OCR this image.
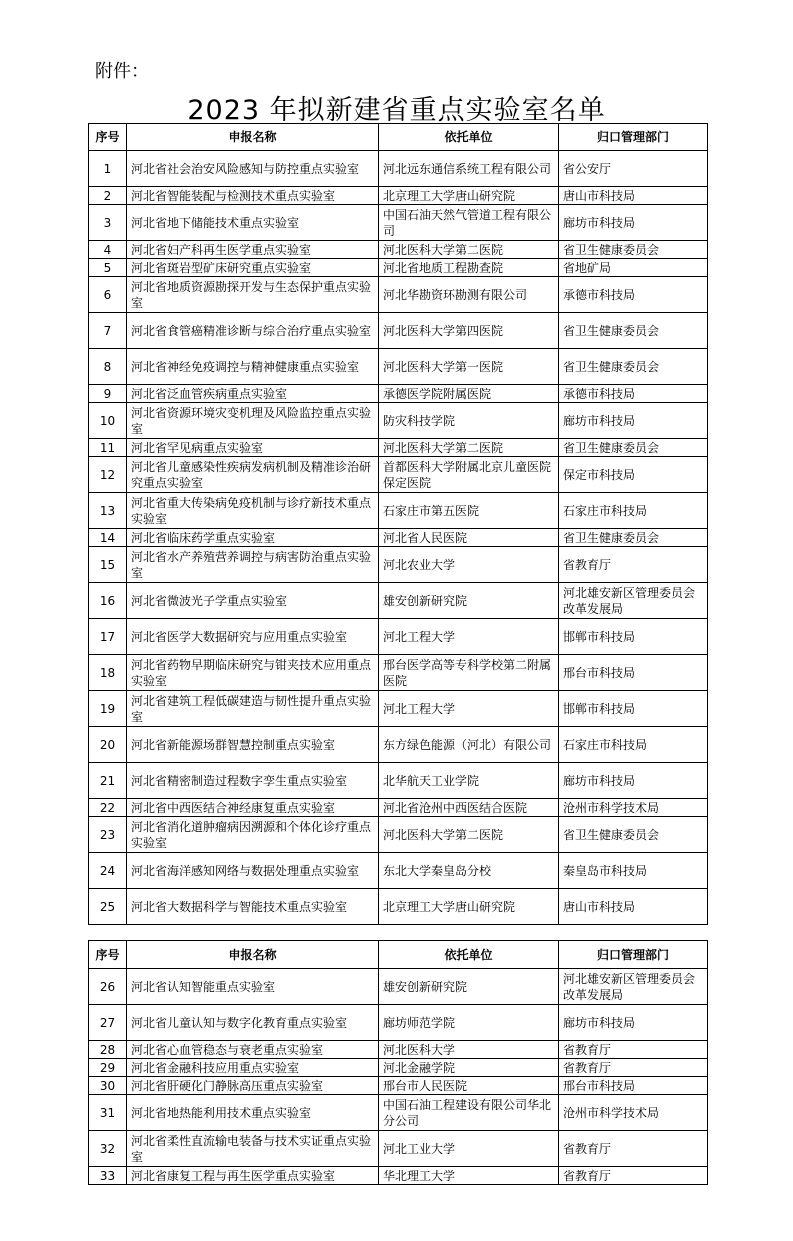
附件：
2023 年拟新建省重点实验室名单
序号	申报名称	依托单位	归口管理部门
1	河北省社会治安风险感知与防控重点实验室	河北远东通信系统工程有限公司	省公安厅
2	河北省智能装配与检测技术重点实验室	北京理工大学唐山研究院	唐山市科技局
3	河北省地下储能技术重点实验室	中国石油天然气管道工程有限公司	廊坊市科技局
4	河北省妇产科再生医学重点实验室	河北医科大学第二医院	省卫生健康委员会
5	河北省斑岩型矿床研究重点实验室	河北省地质工程勘查院	省地矿局
6	河北省地质资源勘探开发与生态保护重点实验室	河北华勘资环勘测有限公司	承德市科技局
7	河北省食管癌精准诊断与综合治疗重点实验室	河北医科大学第四医院	省卫生健康委员会
8	河北省神经免疫调控与精神健康重点实验室	河北医科大学第一医院	省卫生健康委员会
9	河北省泛血管疾病重点实验室	承德医学院附属医院	承德市科技局
10	河北省资源环境灾变机理及风险监控重点实验室	防灾科技学院	廊坊市科技局
11	河北省罕见病重点实验室	河北医科大学第二医院	省卫生健康委员会
12	河北省儿童感染性疾病发病机制及精准诊治研究重点实验室	首都医科大学附属北京儿童医院保定医院	保定市科技局
13	河北省重大传染病免疫机制与诊疗新技术重点实验室	石家庄市第五医院	石家庄市科技局
14	河北省临床药学重点实验室	河北省人民医院	省卫生健康委员会
15	河北省水产养殖营养调控与病害防治重点实验室	河北农业大学	省教育厅
16	河北省微波光子学重点实验室	雄安创新研究院	河北雄安新区管理委员会改革发展局
17	河北省医学大数据研究与应用重点实验室	河北工程大学	邯郸市科技局
18	河北省药物早期临床研究与钳夹技术应用重点实验室	邢台医学高等专科学校第二附属医院	邢台市科技局
19	河北省建筑工程低碳建造与韧性提升重点实验室	河北工程大学	邯郸市科技局
20	河北省新能源场群智慧控制重点实验室	东方绿色能源（河北）有限公司	石家庄市科技局
21	河北省精密制造过程数字孪生重点实验室	北华航天工业学院	廊坊市科技局
22	河北省中西医结合神经康复重点实验室	河北省沧州中西医结合医院	沧州市科学技术局
23	河北省消化道肿瘤病因溯源和个体化诊疗重点实验室	河北医科大学第二医院	省卫生健康委员会
24	河北省海洋感知网络与数据处理重点实验室	东北大学秦皇岛分校	秦皇岛市科技局
25	河北省大数据科学与智能技术重点实验室	北京理工大学唐山研究院	唐山市科技局
序号	申报名称	依托单位	归口管理部门
26	河北省认知智能重点实验室	雄安创新研究院	河北雄安新区管理委员会改革发展局
27	河北省儿童认知与数字化教育重点实验室	廊坊师范学院	廊坊市科技局
28	河北省心血管稳态与衰老重点实验室	河北医科大学	省教育厅
29	河北省金融科技应用重点实验室	河北金融学院	省教育厅
30	河北省肝硬化门静脉高压重点实验室	邢台市人民医院	邢台市科技局
31	河北省地热能利用技术重点实验室	中国石油工程建设有限公司华北分公司	沧州市科学技术局
32	河北省柔性直流输电装备与技术实证重点实验室	河北工业大学	省教育厅
33	河北省康复工程与再生医学重点实验室	华北理工大学	省教育厅
